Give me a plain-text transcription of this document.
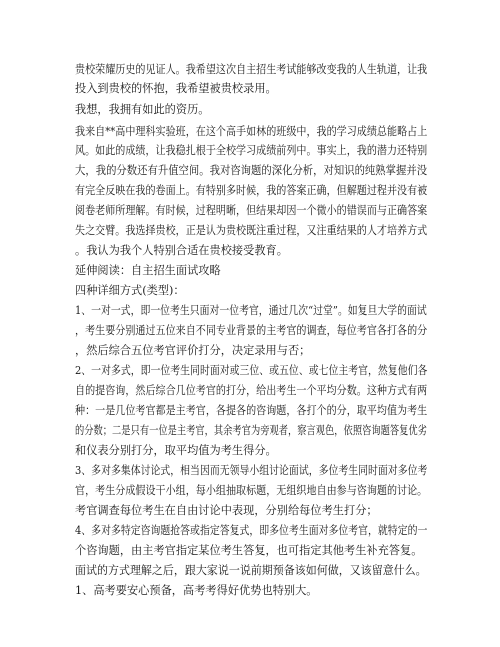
贵校荣耀历史的见证人。我希望这次自主招生考试能够改变我的人生轨道，让我
投入到贵校的怀抱，我希望被贵校录用。
我想，我拥有如此的资历。
我来自**高中理科实验班，在这个高手如林的班级中，我的学习成绩总能略占上
风。如此的成绩，让我稳扎根于全校学习成绩前列中。事实上，我的潜力还特别
大，我的分数还有升值空间。我对咨询题的深化分析，对知识的纯熟掌握并没
有完全反映在我的卷面上。有特别多时候，我的答案正确，但解题过程并没有被
阅卷老师所理解。有时候，过程明晰，但结果却因一个微小的错误而与正确答案
失之交臂。我选择贵校，正是认为贵校既注重过程，又注重结果的人才培养方式
。我认为我个人特别合适在贵校接受教育。
延伸阅读：自主招生面试攻略
四种详细方式(类型)：
1、一对一式，即一位考生只面对一位考官，通过几次“过堂”。如复旦大学的面试
，考生要分别通过五位来自不同专业背景的主考官的调查，每位考官各打各的分
，然后综合五位考官评价打分，决定录用与否；
2、一对多式，即一位考生同时面对或三位、或五位、或七位主考官，然复他们各
自的提咨询，然后综合几位考官的打分，给出考生一个平均分数。这种方式有两
种：一是几位考官都是主考官，各提各的咨询题，各打个的分，取平均值为考生
的分数；二是只有一位是主考官，其余考官为旁观者，察言观色，依照咨询题答复优劣
和仪表分别打分，取平均值为考生得分。
3、多对多集体讨论式，相当因而无领导小组讨论面试，多位考生同时面对多位考
官，考生分成假设干小组，每小组抽取标题，无组织地自由参与咨询题的讨论。
考官调查每位考生在自由讨论中表现，分别给每位考生打分；
4、多对多特定咨询题抢答或指定答复式，即多位考生面对多位考官，就特定的一
个咨询题，由主考官指定某位考生答复，也可指定其他考生补充答复。
面试的方式理解之后，跟大家说一说前期预备该如何做，又该留意什么。
1、高考要安心预备，高考考得好优势也特别大。
